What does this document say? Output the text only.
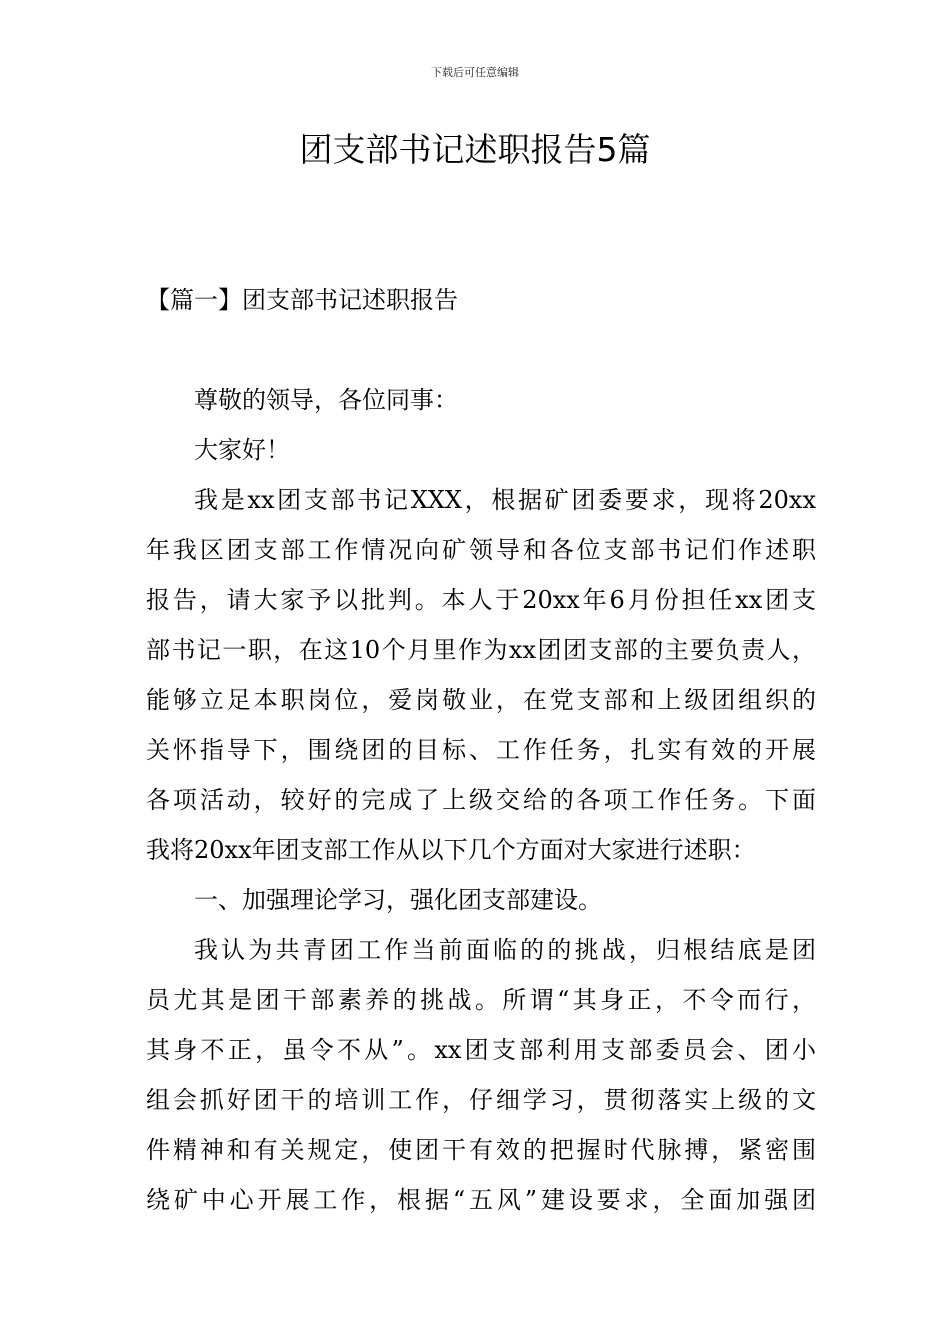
下载后可任意编辑
团支部书记述职报告5篇
【篇一】团支部书记述职报告
尊敬的领导，各位同事：
大家好！
我是xx团支部书记XXX，根据矿团委要求，现将20xx
年我区团支部工作情况向矿领导和各位支部书记们作述职
报告，请大家予以批判。本人于20xx年6月份担任xx团支
部书记一职，在这10个月里作为xx团团支部的主要负责人，
能够立足本职岗位，爱岗敬业，在党支部和上级团组织的
关怀指导下，围绕团的目标、工作任务，扎实有效的开展
各项活动，较好的完成了上级交给的各项工作任务。下面
我将20xx年团支部工作从以下几个方面对大家进行述职：
一、加强理论学习，强化团支部建设。
我认为共青团工作当前面临的的挑战，归根结底是团
员尤其是团干部素养的挑战。所谓“其身正，不令而行，
其身不正，虽令不从”。xx团支部利用支部委员会、团小
组会抓好团干的培训工作，仔细学习，贯彻落实上级的文
件精神和有关规定，使团干有效的把握时代脉搏，紧密围
绕矿中心开展工作，根据“五风”建设要求，全面加强团
